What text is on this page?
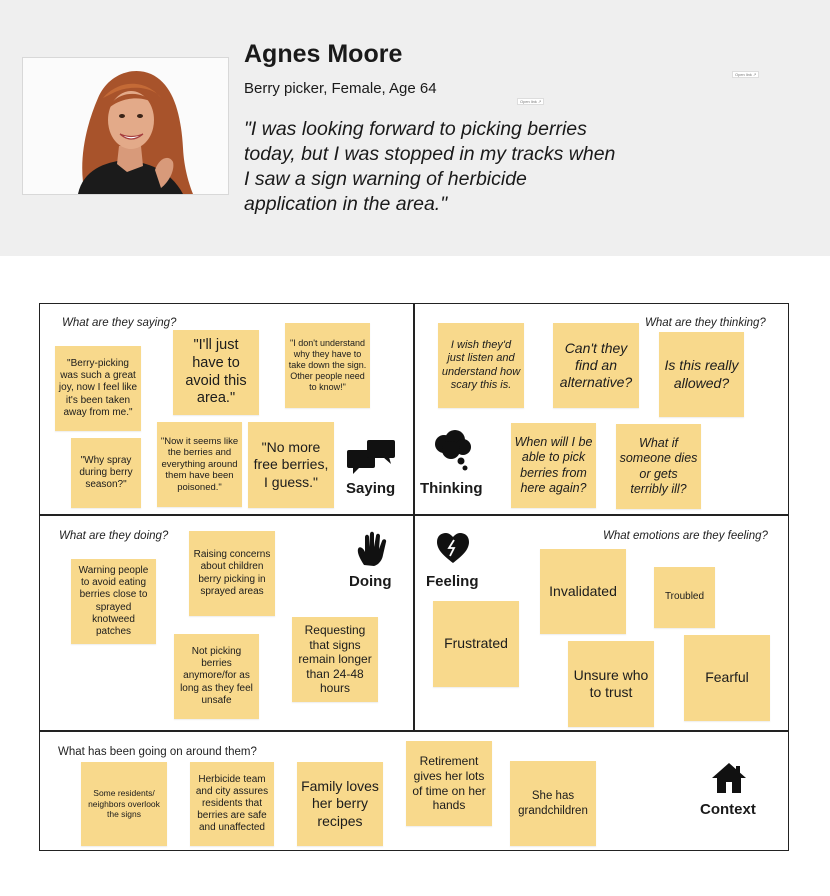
Agnes Moore
Berry picker, Female, Age 64
"I was looking forward to picking berries today, but I was stopped in my tracks when I saw a sign warning of herbicide application in the area."
Open link ↗
Open link ↗
What are they saying?
"Berry-picking was such a great joy, now I feel like it's been taken away from me."
"I'll just have to avoid this area."
"I don't understand why they have to take down the sign. Other people need to know!"
"Why spray during berry season?"
"Now it seems like the berries and everything around them have been poisoned."
"No more free berries, I guess."	Saying
What are they thinking?
I wish they'd just listen and understand how scary this is.
Can't they find an alternative?
Is this really allowed?
When will I be able to pick berries from here again?
What if someone dies or gets terribly ill?
Thinking
What are they doing?
Warning people to avoid eating berries close to sprayed knotweed patches
Raising concerns about children berry picking in sprayed areas
Not picking berries anymore/for as long as they feel unsafe
Requesting that signs remain longer than 24-48 hours
Doing
What emotions are they feeling?
Invalidated	Troubled
Frustrated
Unsure who to trust
Fearful
Feeling
What has been going on around them?
Some residents/ neighbors overlook the signs
Herbicide team and city assures residents that berries are safe and unaffected
Family loves her berry recipes
Retirement gives her lots of time on her hands
She has grandchildren	Context
